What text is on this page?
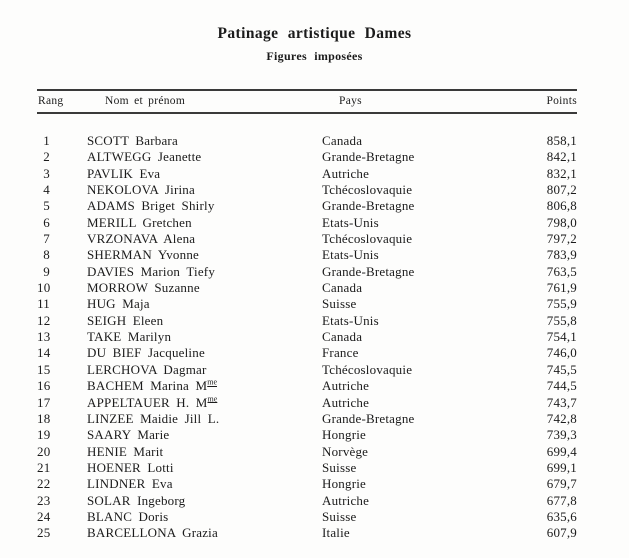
Patinage artistique Dames
Figures imposées
Rang	Nom et prénom	Pays	Points
1	SCOTT Barbara	Canada	858,1
2	ALTWEGG Jeanette	Grande-Bretagne	842,1
3	PAVLIK Eva	Autriche	832,1
4	NEKOLOVA Jirina	Tchécoslovaquie	807,2
5	ADAMS Briget Shirly	Grande-Bretagne	806,8
6	MERILL Gretchen	Etats-Unis	798,0
7	VRZONAVA Alena	Tchécoslovaquie	797,2
8	SHERMAN Yvonne	Etats-Unis	783,9
9	DAVIES Marion Tiefy	Grande-Bretagne	763,5
10	MORROW Suzanne	Canada	761,9
11	HUG Maja	Suisse	755,9
12	SEIGH Eleen	Etats-Unis	755,8
13	TAKE Marilyn	Canada	754,1
14	DU BIEF Jacqueline	France	746,0
15	LERCHOVA Dagmar	Tchécoslovaquie	745,5
16	BACHEM Marina $M^{me}$	Autriche	744,5
17	APPELTAUER H. $M^{me}$	Autriche	743,7
18	LINZEE Maidie Jill L.	Grande-Bretagne	742,8
19	SAARY Marie	Hongrie	739,3
20	HENIE Marit	Norvège	699,4
21	HOENER Lotti	Suisse	699,1
22	LINDNER Eva	Hongrie	679,7
23	SOLAR Ingeborg	Autriche	677,8
24	BLANC Doris	Suisse	635,6
25	BARCELLONA Grazia	Italie	607,9
